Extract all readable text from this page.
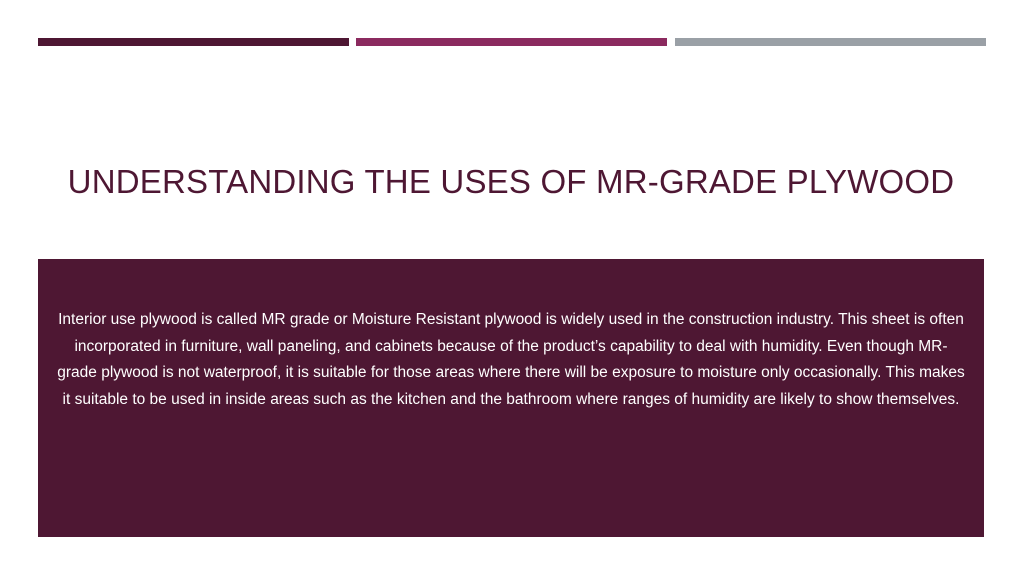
UNDERSTANDING THE USES OF MR-GRADE PLYWOOD
Interior use plywood is called MR grade or Moisture Resistant plywood is widely used in the construction industry. This sheet is often incorporated in furniture, wall paneling, and cabinets because of the product’s capability to deal with humidity. Even though MR-grade plywood is not waterproof, it is suitable for those areas where there will be exposure to moisture only occasionally. This makes it suitable to be used in inside areas such as the kitchen and the bathroom where ranges of humidity are likely to show themselves.
